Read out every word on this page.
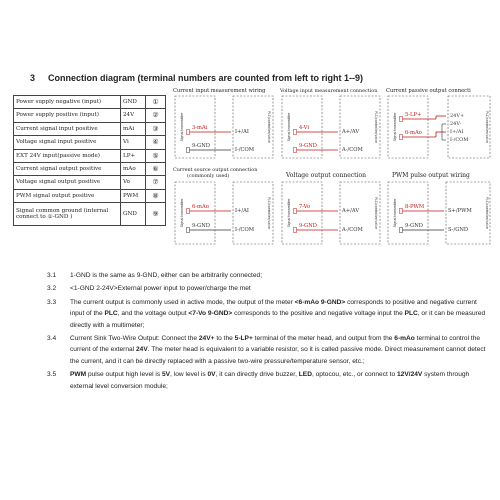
3 Connection diagram (terminal numbers are counted from left to right 1--9)
Power supply negative (input)	GND	①
Power supply positive (input)	24V	②
Current signal input positive	mAi	③
Voltage signal input positive	Vi	④
EXT 24V input(passive mode)	LP+	⑤
Current signal output positive	mAo	⑥
Voltage signal output positive	Vo	⑦
PWM signal output positive	PWM	⑧
Signal common ground (internal connect to ①-GND )	GND	⑨
Current input measurement wiring
Signal transmitter	PLC/controller/valve
3-mAi
9-GND
I+/AI
I-/COM
Voltage input measurement connection
Signal transmitter	PLC/controller/valve
4-Vi
9-GND
A+/AV
A-/COM
Current passive output connecti
Signal transmitter	PLC/controller/valve
5-LP+
6-mAo
24V+
24V-
I+/AI
I-/COM
Current source output connection
(commonly used)
Signal transmitter	PLC/controller/valve
6-mAo
9-GND
I+/AI
I-/COM
Voltage output connection
Signal transmitter	PLC/controller/valve
7-Vo
9-GND
A+/AV
A-/COM
PWM pulse output wiring
Signal transmitter	PLC/controller/valve
8-PWM
9-GND
S+/PWM
S-/GND
3.1 1-GND is the same as 9-GND, either can be arbitrarily connected;
3.2 <1-GND 2-24V>External power input to power/charge the met
3.3 The current output is commonly used in active mode, the output of the meter <6-mAo 9-GND> corresponds to positive and negative current input of the PLC, and the voltage output <7-Vo 9-GND> corresponds to the positive and negative voltage input the PLC, or it can be measured directly with a multimeter;
3.4 Current Sink Two-Wire Output: Connect the 24V+ to the 5-LP+ terminal of the meter head, and output from the 6-mAo terminal to control the current of the external 24V. The meter head is equivalent to a variable resistor, so it is called passive mode. Direct measurement cannot detect the current, and it can be directly replaced with a passive two-wire pressure/temperature sensor, etc.;
3.5 PWM pulse output high level is 5V, low level is 0V, it can directly drive buzzer, LED, optocou, etc., or connect to 12V/24V system through external level conversion module;
